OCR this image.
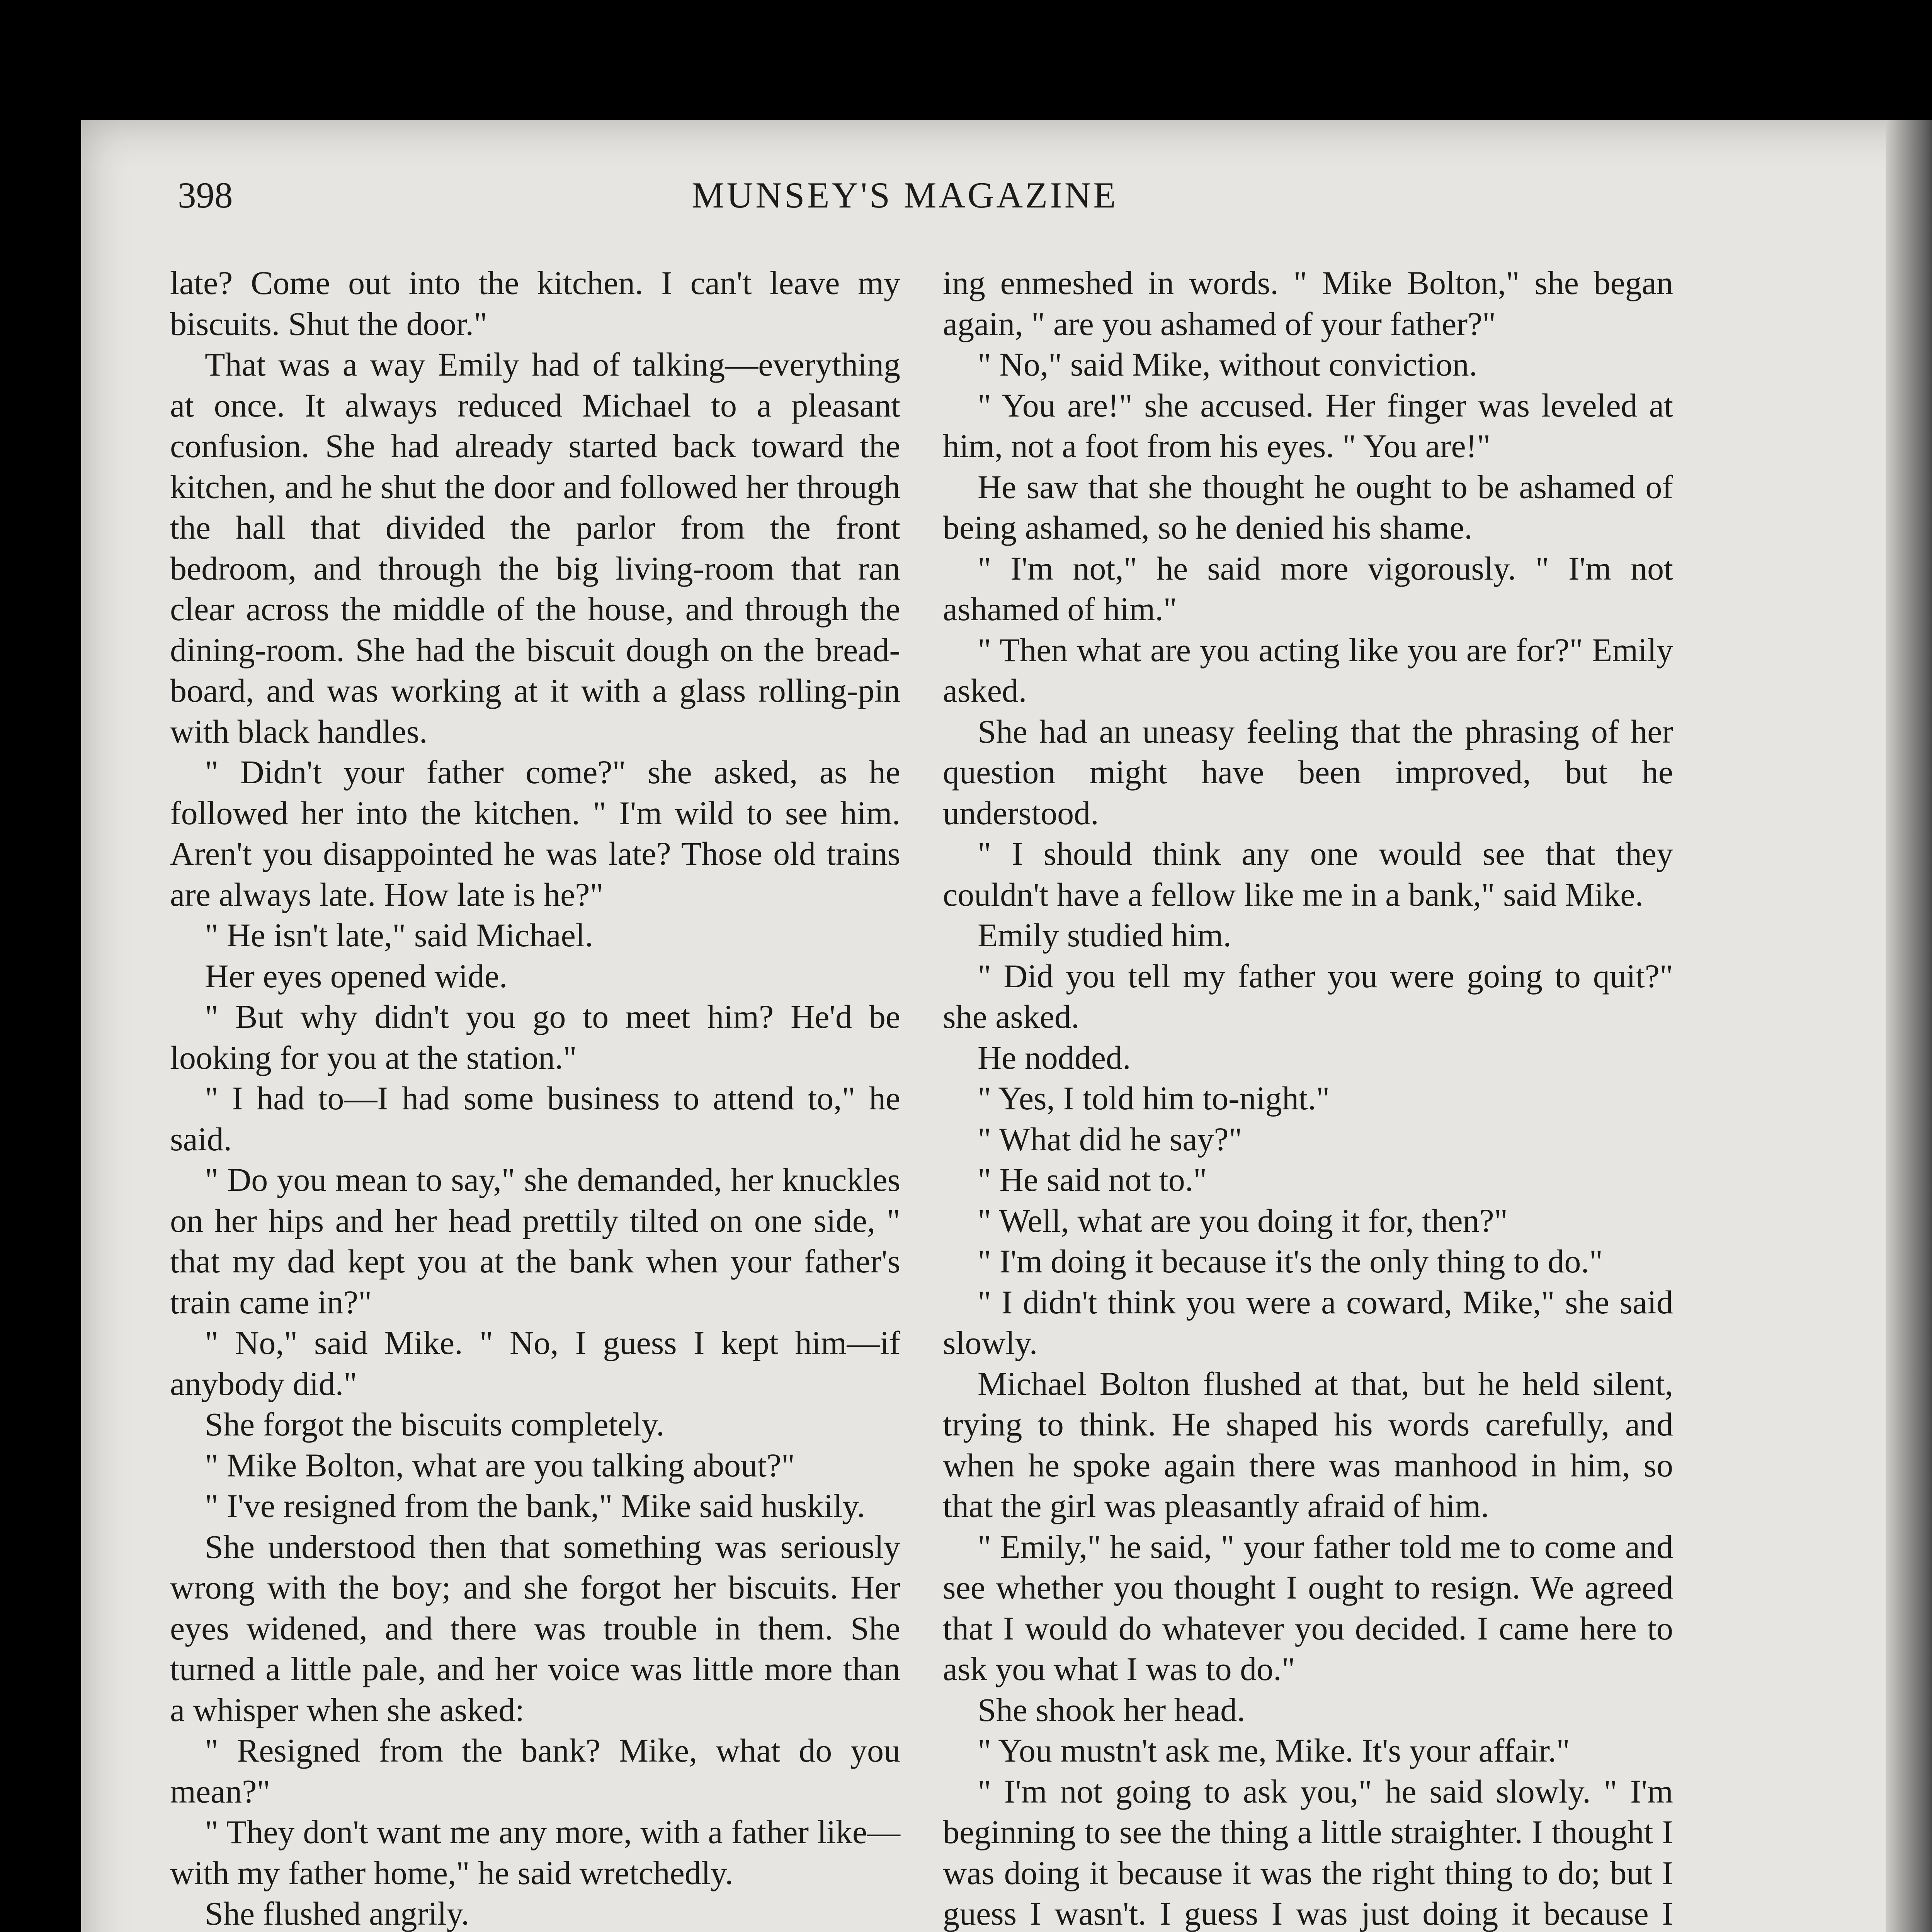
398	MUNSEY'S MAGAZINE

late? Come out into the kitchen. I can't leave my biscuits. Shut the door."

That was a way Emily had of talking—everything at once. It always reduced Michael to a pleasant confusion. She had already started back toward the kitchen, and he shut the door and followed her through the hall that divided the parlor from the front bedroom, and through the big living-room that ran clear across the middle of the house, and through the dining-room. She had the biscuit dough on the bread-board, and was working at it with a glass rolling-pin with black handles.

" Didn't your father come?" she asked, as he followed her into the kitchen. " I'm wild to see him. Aren't you disappointed he was late? Those old trains are always late. How late is he?"

" He isn't late," said Michael.

Her eyes opened wide.

" But why didn't you go to meet him? He'd be looking for you at the station."

" I had to—I had some business to attend to," he said.

" Do you mean to say," she demanded, her knuckles on her hips and her head prettily tilted on one side, " that my dad kept you at the bank when your father's train came in?"

" No," said Mike. " No, I guess I kept him—if anybody did."

She forgot the biscuits completely.

" Mike Bolton, what are you talking about?"

" I've resigned from the bank," Mike said huskily.

She understood then that something was seriously wrong with the boy; and she forgot her biscuits. Her eyes widened, and there was trouble in them. She turned a little pale, and her voice was little more than a whisper when she asked:

" Resigned from the bank? Mike, what do you mean?"

" They don't want me any more, with a father like—with my father home," he said wretchedly.

She flushed angrily.

ing enmeshed in words. " Mike Bolton," she began again, " are you ashamed of your father?"

" No," said Mike, without conviction.

" You are!" she accused. Her finger was leveled at him, not a foot from his eyes. " You are!"

He saw that she thought he ought to be ashamed of being ashamed, so he denied his shame.

" I'm not," he said more vigorously. " I'm not ashamed of him."

" Then what are you acting like you are for?" Emily asked.

She had an uneasy feeling that the phrasing of her question might have been improved, but he understood.

" I should think any one would see that they couldn't have a fellow like me in a bank," said Mike.

Emily studied him.

" Did you tell my father you were going to quit?" she asked.

He nodded.

" Yes, I told him to-night."

" What did he say?"

" He said not to."

" Well, what are you doing it for, then?"

" I'm doing it because it's the only thing to do."

" I didn't think you were a coward, Mike," she said slowly.

Michael Bolton flushed at that, but he held silent, trying to think. He shaped his words carefully, and when he spoke again there was manhood in him, so that the girl was pleasantly afraid of him.

" Emily," he said, " your father told me to come and see whether you thought I ought to resign. We agreed that I would do whatever you decided. I came here to ask you what I was to do."

She shook her head.

" You mustn't ask me, Mike. It's your affair."

" I'm not going to ask you," he said slowly. " I'm beginning to see the thing a little straighter. I thought I was doing it because it was the right thing to do; but I guess I wasn't. I guess I was just doing it because I
